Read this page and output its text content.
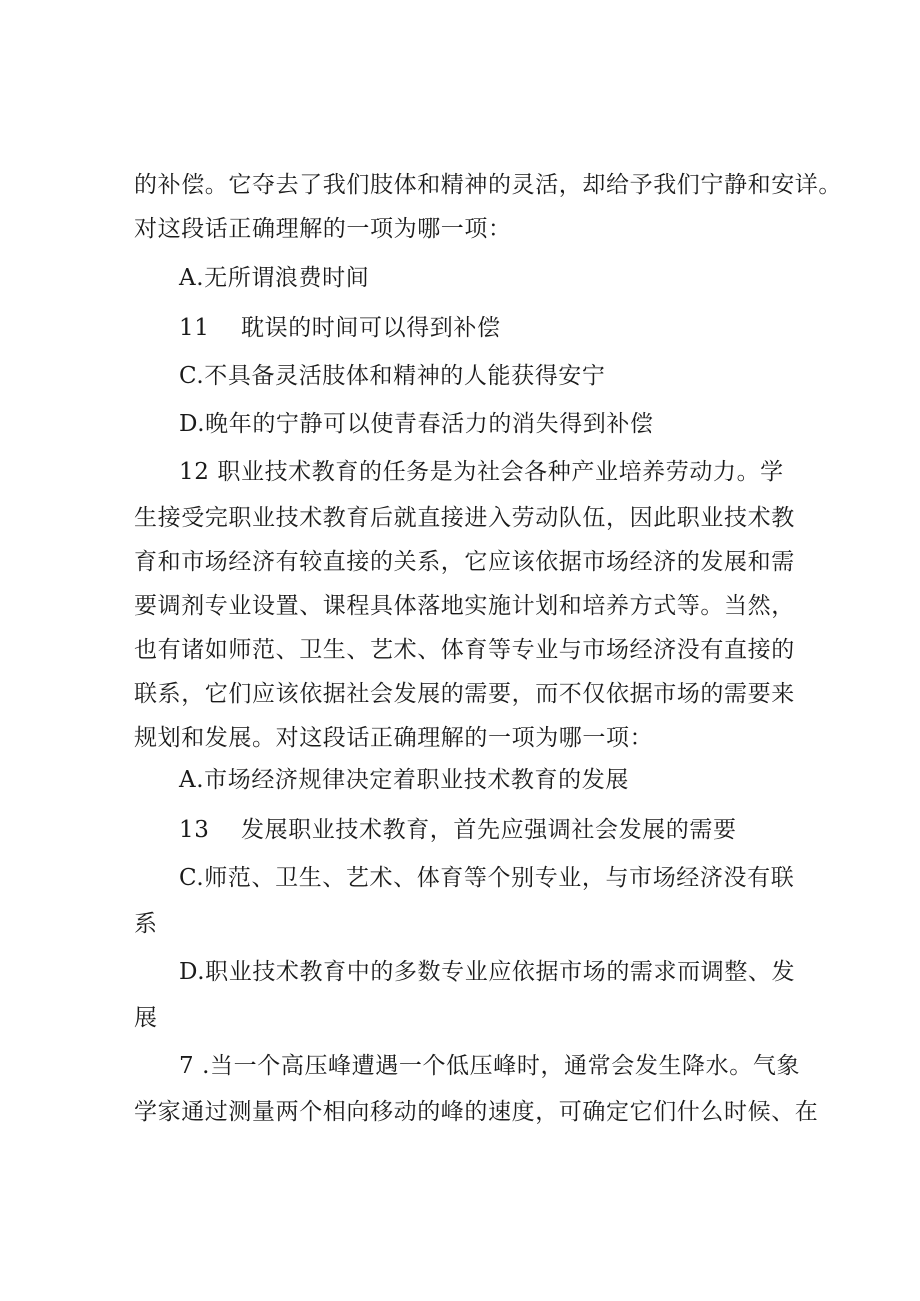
的补偿。它夺去了我们肢体和精神的灵活，却给予我们宁静和安详。
对这段话正确理解的一项为哪一项：
A.无所谓浪费时间
11 耽误的时间可以得到补偿
C.不具备灵活肢体和精神的人能获得安宁
D.晚年的宁静可以使青春活力的消失得到补偿
12 职业技术教育的任务是为社会各种产业培养劳动力。学
生接受完职业技术教育后就直接进入劳动队伍，因此职业技术教
育和市场经济有较直接的关系，它应该依据市场经济的发展和需
要调剂专业设置、课程具体落地实施计划和培养方式等。当然，
也有诸如师范、卫生、艺术、体育等专业与市场经济没有直接的
联系，它们应该依据社会发展的需要，而不仅依据市场的需要来
规划和发展。对这段话正确理解的一项为哪一项：
A.市场经济规律决定着职业技术教育的发展
13 发展职业技术教育，首先应强调社会发展的需要
C.师范、卫生、艺术、体育等个别专业，与市场经济没有联
系
D.职业技术教育中的多数专业应依据市场的需求而调整、发
展
7 .当一个高压峰遭遇一个低压峰时，通常会发生降水。气象
学家通过测量两个相向移动的峰的速度，可确定它们什么时候、在
